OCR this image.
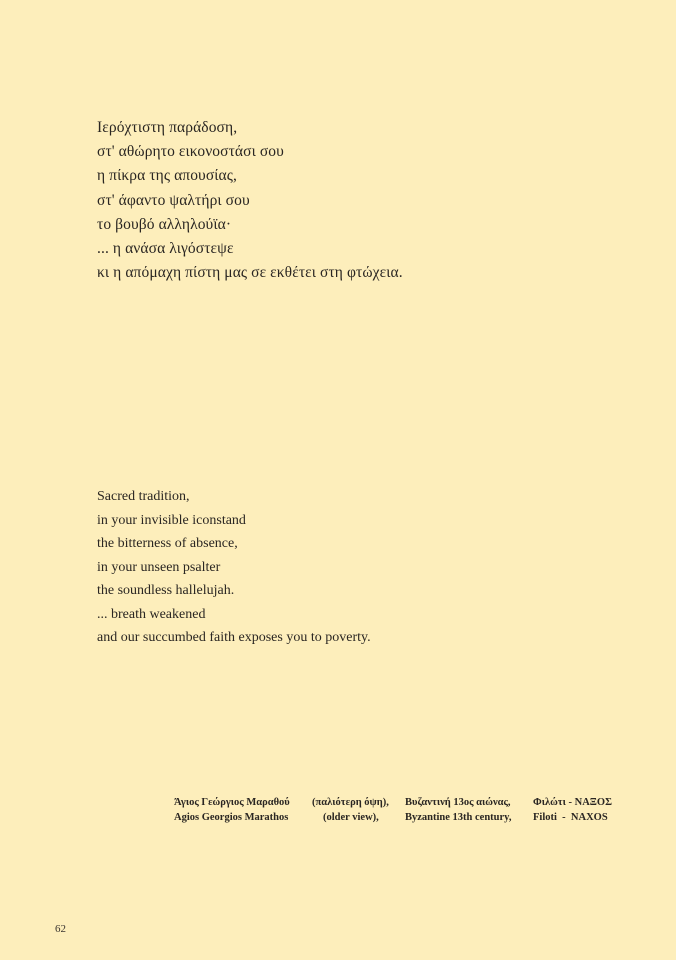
Ιερόχτιστη παράδοση,
στ' αθώρητο εικονοστάσι σου
η πίκρα της απουσίας,
στ' άφαντο ψαλτήρι σου
το βουβό αλληλούϊα·
... η ανάσα λιγόστεψε
κι η απόμαχη πίστη μας σε εκθέτει στη φτώχεια.
Sacred tradition,
in your invisible iconstand
the bitterness of absence,
in your unseen psalter
the soundless hallelujah.
... breath weakened
and our succumbed faith exposes you to poverty.
Άγιος Γεώργιος Μαραθού (παλιότερη όψη), Βυζαντινή 13ος αιώνας, Φιλώτι - ΝΑΞΟΣ
Agios Georgios Marathos	(older view), Byzantine 13th century, Filoti  -  NAXOS
62
